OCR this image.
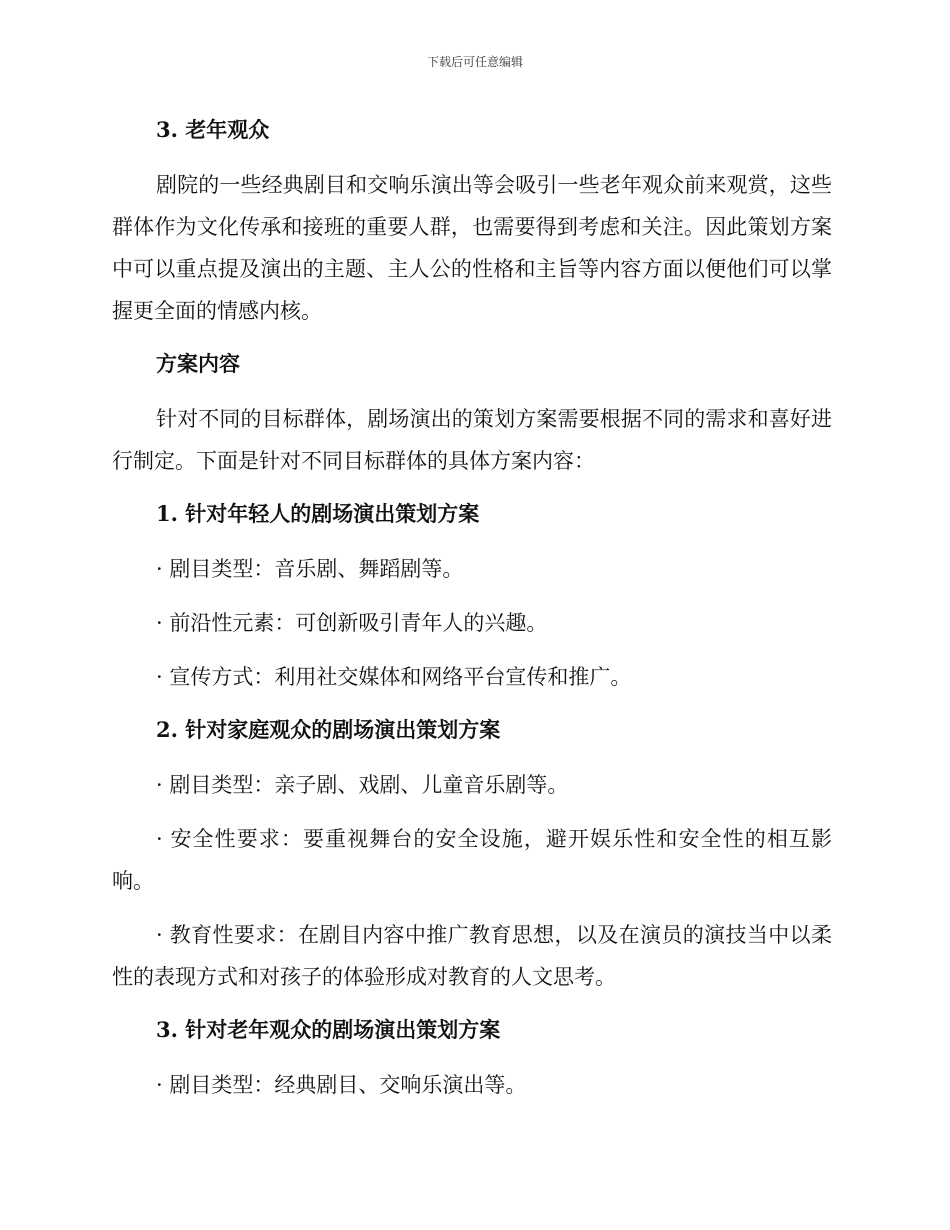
下载后可任意编辑
3. 老年观众
剧院的一些经典剧目和交响乐演出等会吸引一些老年观众前来观赏，这些群体作为文化传承和接班的重要人群，也需要得到考虑和关注。因此策划方案中可以重点提及演出的主题、主人公的性格和主旨等内容方面以便他们可以掌握更全面的情感内核。
方案内容
针对不同的目标群体，剧场演出的策划方案需要根据不同的需求和喜好进行制定。下面是针对不同目标群体的具体方案内容：
1. 针对年轻人的剧场演出策划方案
· 剧目类型：音乐剧、舞蹈剧等。
· 前沿性元素：可创新吸引青年人的兴趣。
· 宣传方式：利用社交媒体和网络平台宣传和推广。
2. 针对家庭观众的剧场演出策划方案
· 剧目类型：亲子剧、戏剧、儿童音乐剧等。
· 安全性要求：要重视舞台的安全设施，避开娱乐性和安全性的相互影响。
· 教育性要求：在剧目内容中推广教育思想，以及在演员的演技当中以柔性的表现方式和对孩子的体验形成对教育的人文思考。
3. 针对老年观众的剧场演出策划方案
· 剧目类型：经典剧目、交响乐演出等。
